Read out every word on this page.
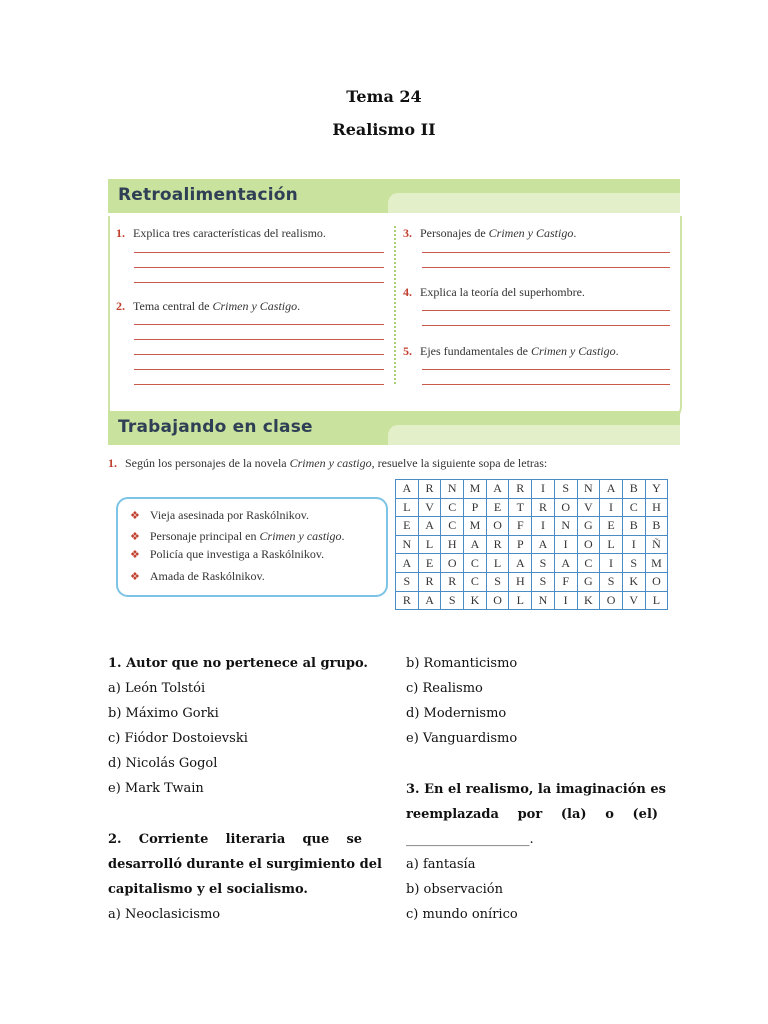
Tema 24
Realismo II
Retroalimentación
1. Explica tres características del realismo.
2. Tema central de Crimen y Castigo.
3. Personajes de Crimen y Castigo.
4. Explica la teoría del superhombre.
5. Ejes fundamentales de Crimen y Castigo.
Trabajando en clase
1. Según los personajes de la novela Crimen y castigo, resuelve la siguiente sopa de letras:
❖ Vieja asesinada por Raskólnikov.
❖ Personaje principal en Crimen y castigo.
❖ Policía que investiga a Raskólnikov.
❖ Amada de Raskólnikov.
A	R	N	M	A	R	I	S	N	A	B	Y
L	V	C	P	E	T	R	O	V	I	C	H
E	A	C	M	O	F	I	N	G	E	B	B
N	L	H	A	R	P	A	I	O	L	I	Ñ
A	E	O	C	L	A	S	A	C	I	S	M
S	R	R	C	S	H	S	F	G	S	K	O
R	A	S	K	O	L	N	I	K	O	V	L
1. Autor que no pertenece al grupo.
a) León Tolstói
b) Máximo Gorki
c) Fiódor Dostoievski
d) Nicolás Gogol
e) Mark Twain
2. Corriente literaria que se
desarrolló durante el surgimiento del
capitalismo y el socialismo.
a) Neoclasicismo
b) Romanticismo
c) Realismo
d) Modernismo
e) Vanguardismo
3. En el realismo, la imaginación es
reemplazada por (la) o (el)
___________________.
a) fantasía
b) observación
c) mundo onírico
